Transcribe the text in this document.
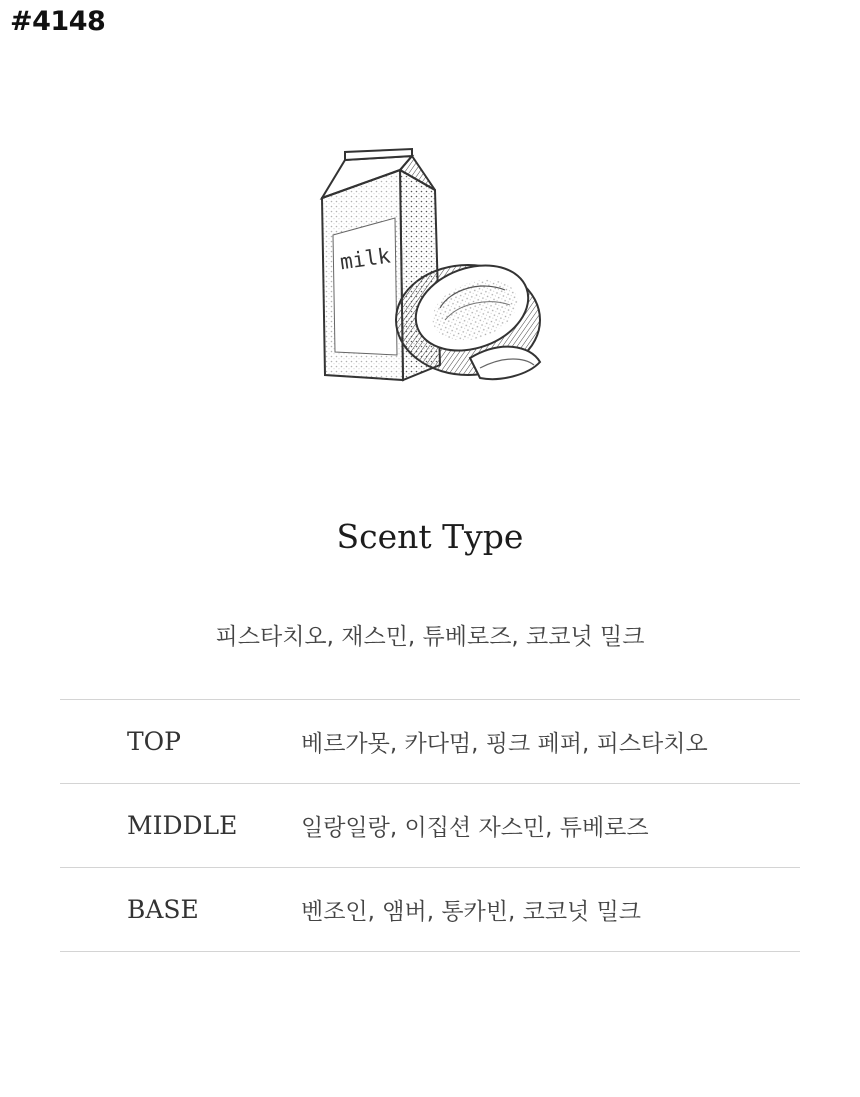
#4148
milk
Scent Type
피스타치오, 재스민, 튜베로즈, 코코넛 밀크
TOP	베르가못, 카다멈, 핑크 페퍼, 피스타치오
MIDDLE	일랑일랑, 이집션 자스민, 튜베로즈
BASE	벤조인, 앰버, 통카빈, 코코넛 밀크
